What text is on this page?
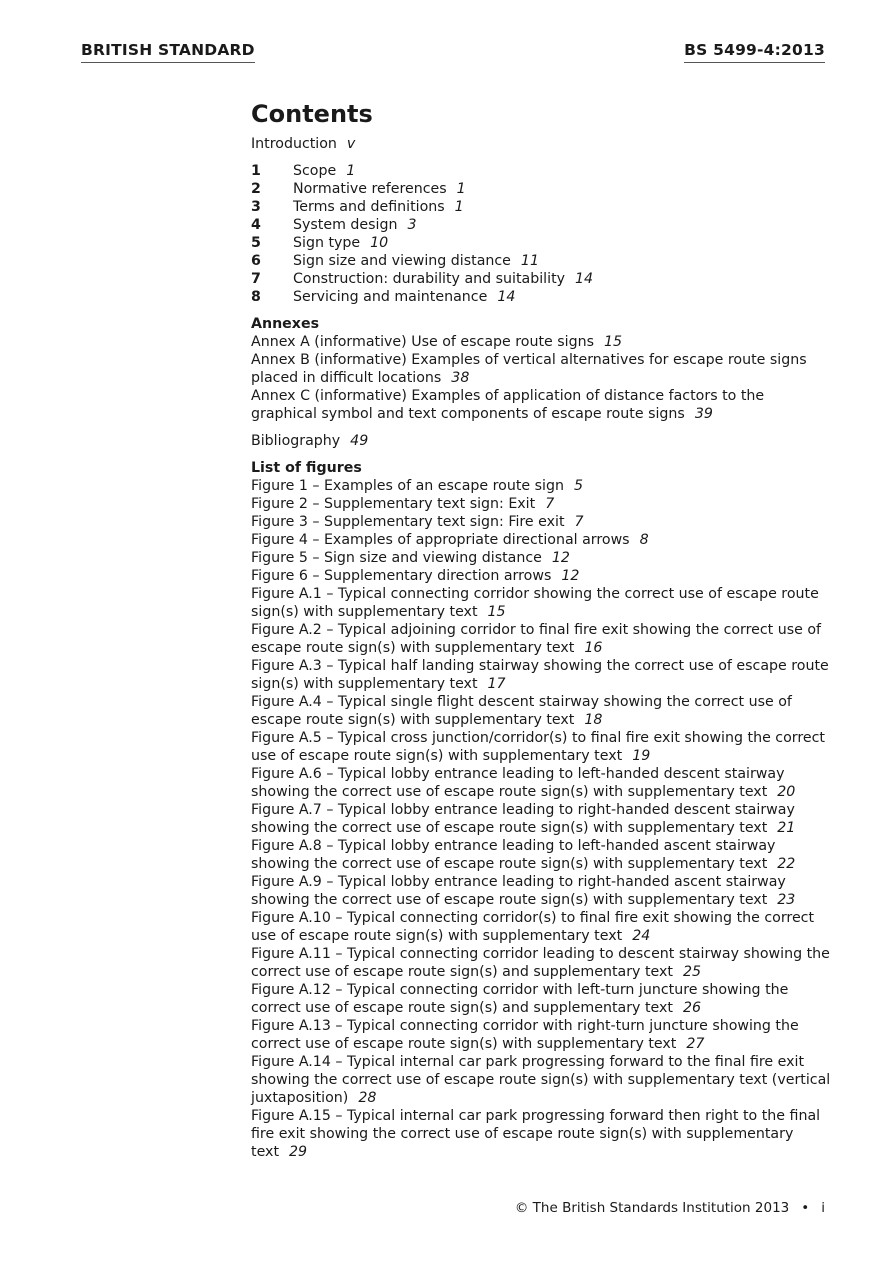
BRITISH STANDARD	BS 5499-4:2013
Contents
Introduction v
1	Scope 1
2	Normative references 1
3	Terms and definitions 1
4	System design 3
5	Sign type 10
6	Sign size and viewing distance 11
7	Construction: durability and suitability 14
8	Servicing and maintenance 14
Annexes
Annex A (informative) Use of escape route signs 15
Annex B (informative) Examples of vertical alternatives for escape route signs placed in difficult locations 38
Annex C (informative) Examples of application of distance factors to the graphical symbol and text components of escape route signs 39
Bibliography 49
List of figures
Figure 1 – Examples of an escape route sign 5
Figure 2 – Supplementary text sign: Exit 7
Figure 3 – Supplementary text sign: Fire exit 7
Figure 4 – Examples of appropriate directional arrows 8
Figure 5 – Sign size and viewing distance 12
Figure 6 – Supplementary direction arrows 12
Figure A.1 – Typical connecting corridor showing the correct use of escape route sign(s) with supplementary text 15
Figure A.2 – Typical adjoining corridor to final fire exit showing the correct use of escape route sign(s) with supplementary text 16
Figure A.3 – Typical half landing stairway showing the correct use of escape route sign(s) with supplementary text 17
Figure A.4 – Typical single flight descent stairway showing the correct use of escape route sign(s) with supplementary text 18
Figure A.5 – Typical cross junction/corridor(s) to final fire exit showing the correct use of escape route sign(s) with supplementary text 19
Figure A.6 – Typical lobby entrance leading to left-handed descent stairway showing the correct use of escape route sign(s) with supplementary text 20
Figure A.7 – Typical lobby entrance leading to right-handed descent stairway showing the correct use of escape route sign(s) with supplementary text 21
Figure A.8 – Typical lobby entrance leading to left-handed ascent stairway showing the correct use of escape route sign(s) with supplementary text 22
Figure A.9 – Typical lobby entrance leading to right-handed ascent stairway showing the correct use of escape route sign(s) with supplementary text 23
Figure A.10 – Typical connecting corridor(s) to final fire exit showing the correct use of escape route sign(s) with supplementary text 24
Figure A.11 – Typical connecting corridor leading to descent stairway showing the correct use of escape route sign(s) and supplementary text 25
Figure A.12 – Typical connecting corridor with left-turn juncture showing the correct use of escape route sign(s) and supplementary text 26
Figure A.13 – Typical connecting corridor with right-turn juncture showing the correct use of escape route sign(s) with supplementary text 27
Figure A.14 – Typical internal car park progressing forward to the final fire exit showing the correct use of escape route sign(s) with supplementary text (vertical juxtaposition) 28
Figure A.15 – Typical internal car park progressing forward then right to the final fire exit showing the correct use of escape route sign(s) with supplementary text 29
© The British Standards Institution 2013 • i
